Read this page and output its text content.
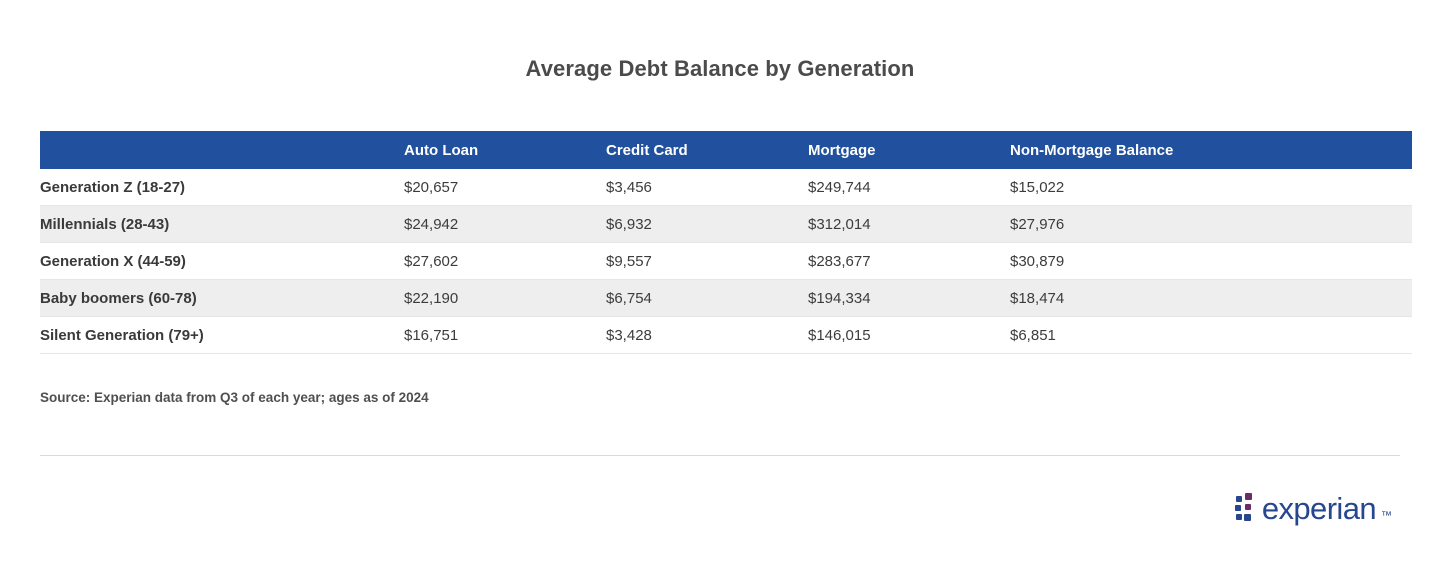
Average Debt Balance by Generation
	Auto Loan	Credit Card	Mortgage	Non-Mortgage Balance
Generation Z (18-27)	$20,657	$3,456	$249,744	$15,022
Millennials (28-43)	$24,942	$6,932	$312,014	$27,976
Generation X (44-59)	$27,602	$9,557	$283,677	$30,879
Baby boomers (60-78)	$22,190	$6,754	$194,334	$18,474
Silent Generation (79+)	$16,751	$3,428	$146,015	$6,851
Source: Experian data from Q3 of each year; ages as of 2024
experian ™
